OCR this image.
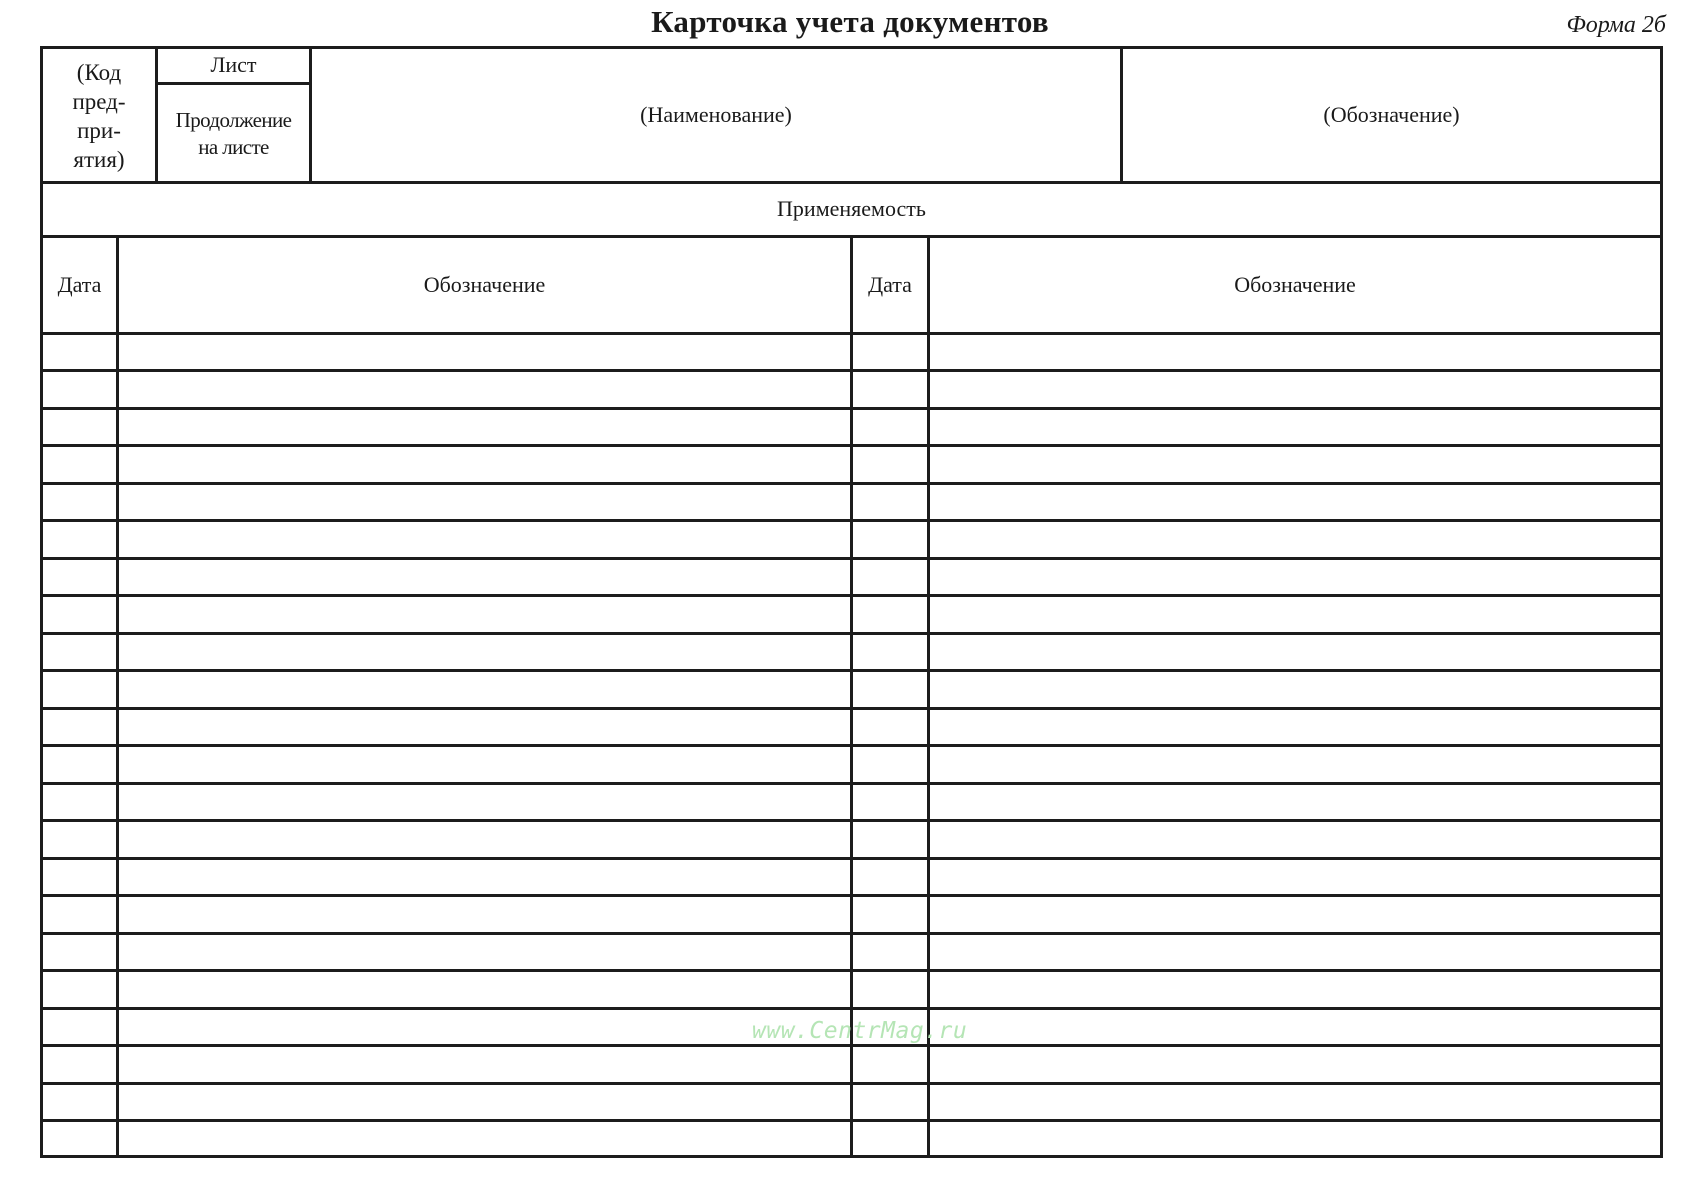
Карточка учета документов	Форма 2б
(Код
пред-
при-
ятия)
Лист
Продолжение
на листе
(Наименование)	(Обозначение)
Применяемость
Дата	Обозначение	Дата	Обозначение
www.CentrMag.ru
